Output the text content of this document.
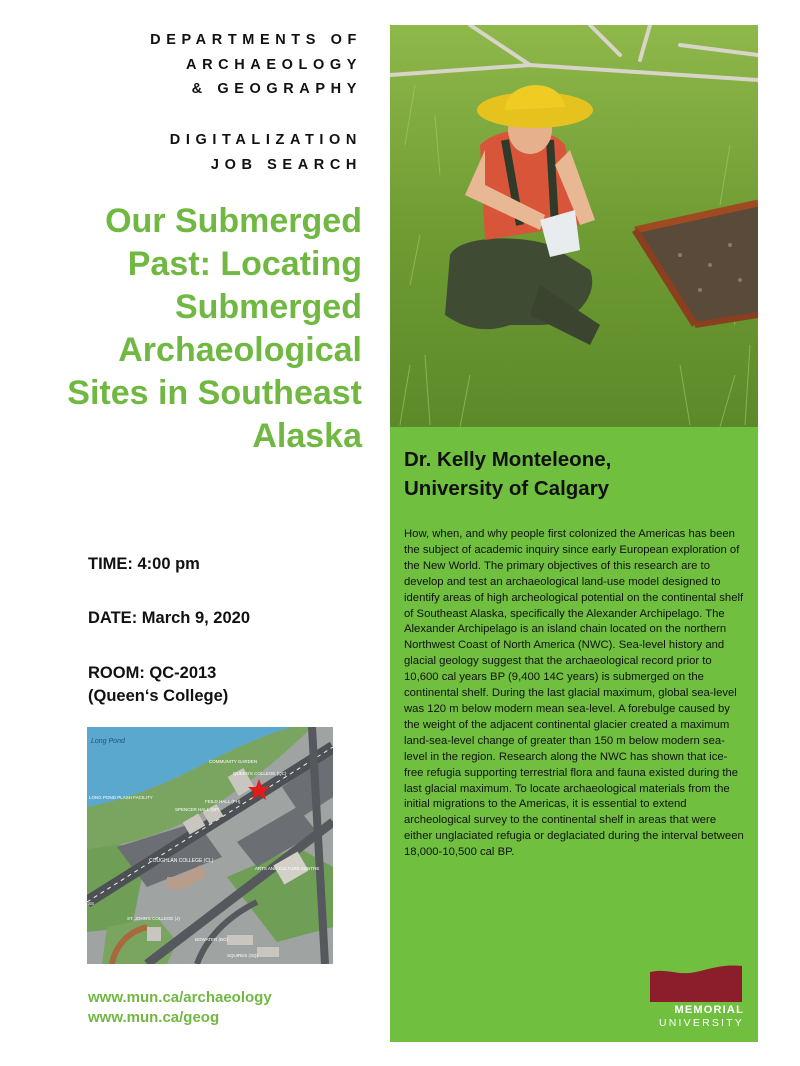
DEPARTMENTS OF
ARCHAEOLOGY
& GEOGRAPHY
DIGITALIZATION
JOB SEARCH
Our Submerged
Past: Locating
Submerged
Archaeological
Sites in Southeast
Alaska
TIME: 4:00 pm
DATE: March 9, 2020
ROOM: QC-2013
(Queen‘s College)
Long Pond
COMMUNITY GARDEN
QUEEN'S COLLEGE (QC)
LONG POND PLASH FACILITY
SPENCER HALL (SP)
FEILD HALL (FH)
COUGHLAN COLLEGE (CL)
ARTS AND CULTURE CENTRE
ST. JOHN'S COLLEGE (J)
BOWATER (BO)
SQUIRES (SQ)
SS
www.mun.ca/archaeology
www.mun.ca/geog
Dr. Kelly Monteleone,
University of Calgary
How, when, and why people first colonized the Americas has been the subject of academic inquiry since early European exploration of the New World. The primary objectives of this research are to develop and test an archaeological land-use model designed to identify areas of high archeological potential on the continental shelf of Southeast Alaska, specifically the Alexander Archipelago. The Alexander Archipelago is an island chain located on the northern Northwest Coast of North America (NWC). Sea-level history and glacial geology suggest that the archaeological record prior to 10,600 cal years BP (9,400 14C years) is submerged on the continental shelf. During the last glacial maximum, global sea-level was 120 m below modern mean sea-level. A forebulge caused by the weight of the adjacent continental glacier created a maximum land-sea-level change of greater than 150 m below modern sea-level in the region. Research along the NWC has shown that ice-free refugia supporting terrestrial flora and fauna existed during the last glacial maximum. To locate archaeological materials from the initial migrations to the Americas, it is essential to extend archeological survey to the continental shelf in areas that were either unglaciated refugia or deglaciated during the interval between 18,000-10,500 cal BP.
MEMORIAL
UNIVERSITY
